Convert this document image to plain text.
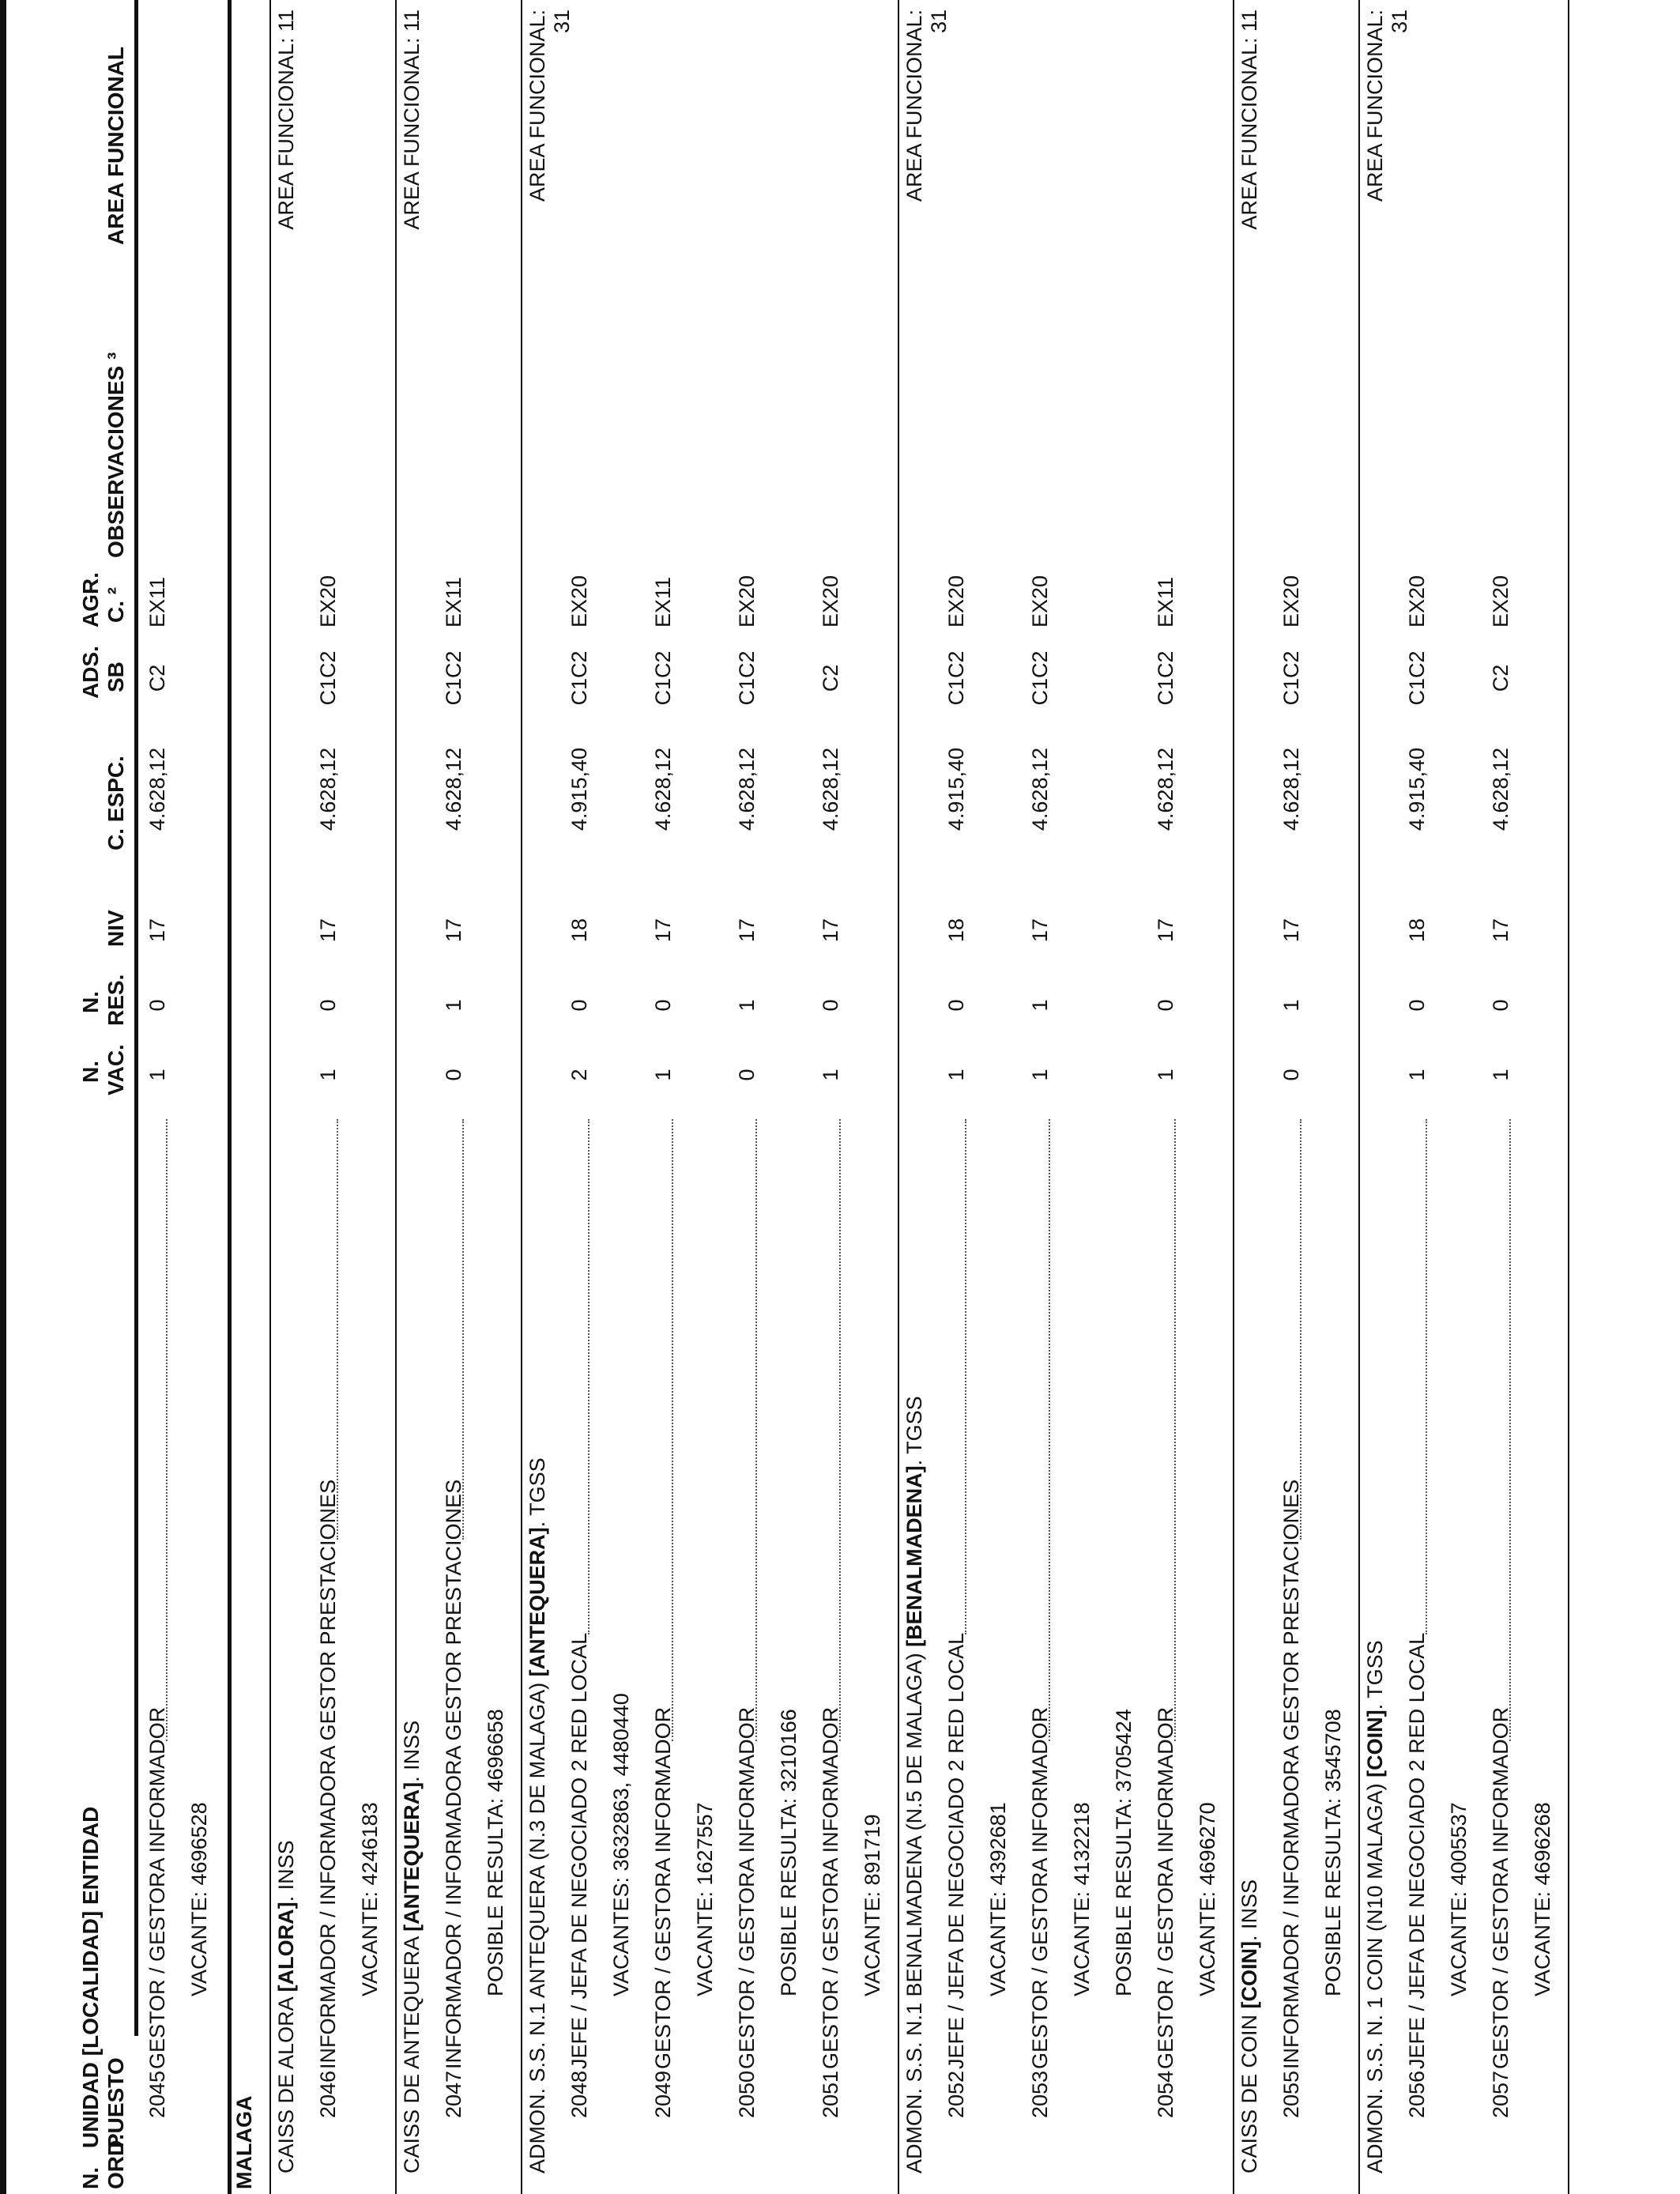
N. ORD.
UNIDAD [LOCALIDAD] ENTIDAD PUESTO
N. VAC.
N. RES.
NIV
C. ESPC.
ADS. SB
AGR. C. ²
OBSERVACIONES ³
AREA FUNCIONAL
2045
GESTOR / GESTORA INFORMADOR
1
0
17
4.628,12
C2
EX11
VACANTE: 4696528
MALAGA CAISS DE ALORA [ALORA]. INSS
AREA FUNCIONAL: 11
2046
INFORMADOR / INFORMADORA GESTOR PRESTACIONES
1
0
17
4.628,12
C1C2
EX20
VACANTE: 4246183
CAISS DE ANTEQUERA [ANTEQUERA]. INSS
AREA FUNCIONAL: 11
2047
INFORMADOR / INFORMADORA GESTOR PRESTACIONES
0
1
17
4.628,12
C1C2
EX11
POSIBLE RESULTA: 4696658 ADMON. S.S. N.1 ANTEQUERA (N.3 DE MALAGA) [ANTEQUERA]. TGSS
AREA FUNCIONAL: 31
2048
JEFE / JEFA DE NEGOCIADO 2 RED LOCAL
2
0
18
4.915,40
C1C2
EX20
VACANTES: 3632863, 4480440
2049
GESTOR / GESTORA INFORMADOR
1
0
17
4.628,12
C1C2
EX11
VACANTE: 1627557
2050
GESTOR / GESTORA INFORMADOR
0
1
17
4.628,12
C1C2
EX20
POSIBLE RESULTA: 3210166
2051
GESTOR / GESTORA INFORMADOR
1
0
17
4.628,12
C2
EX20
VACANTE: 891719 ADMON. S.S. N.1 BENALMADENA (N.5 DE MALAGA) [BENALMADENA]. TGSS
AREA FUNCIONAL: 31
2052
JEFE / JEFA DE NEGOCIADO 2 RED LOCAL
1
0
18
4.915,40
C1C2
EX20
VACANTE: 4392681
2053
GESTOR / GESTORA INFORMADOR
1
1
17
4.628,12
C1C2
EX20
VACANTE: 4132218 POSIBLE RESULTA: 3705424
2054
GESTOR / GESTORA INFORMADOR
1
0
17
4.628,12
C1C2
EX11
VACANTE: 4696270
CAISS DE COIN [COIN]. INSS
AREA FUNCIONAL: 11
2055
INFORMADOR / INFORMADORA GESTOR PRESTACIONES
0
1
17
4.628,12
C1C2
EX20
POSIBLE RESULTA: 3545708 ADMON. S.S. N. 1 COIN (N10 MALAGA) [COIN]. TGSS
AREA FUNCIONAL: 31
2056
JEFE / JEFA DE NEGOCIADO 2 RED LOCAL
1
0
18
4.915,40
C1C2
EX20
VACANTE: 4005537
2057
GESTOR / GESTORA INFORMADOR
1
0
17
4.628,12
C2
EX20
VACANTE: 4696268
